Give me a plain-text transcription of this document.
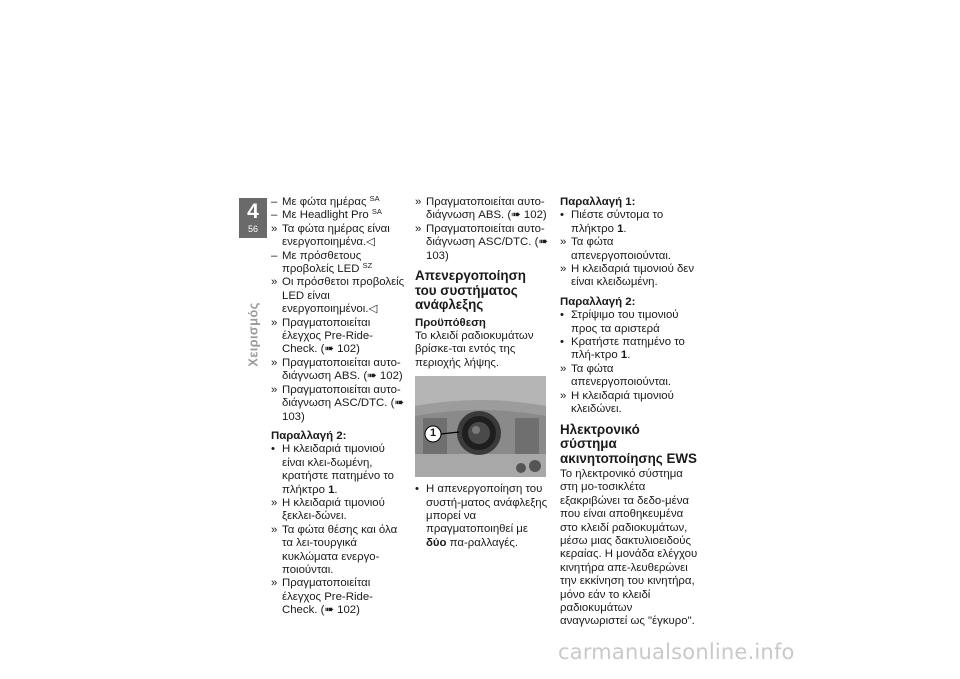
4
56
Χειρισμός
– Με φώτα ημέρας $^{SA}$
– Με Headlight Pro $^{SA}$
» Τα φώτα ημέρας είναι ενεργοποιημένα.◁
– Με πρόσθετους προβολείς LED $^{SZ}$
» Οι πρόσθετοι προβολείς LED είναι ενεργοποιημένοι.◁
» Πραγματοποιείται έλεγχος Pre-Ride-Check. (➠ 102)
» Πραγματοποιείται αυτο-διάγνωση ABS. (➠ 102)
» Πραγματοποιείται αυτο-διάγνωση ASC/DTC. (➠ 103)
Παραλλαγή 2:
• Η κλειδαριά τιμονιού είναι κλει-δωμένη, κρατήστε πατημένο το πλήκτρο 1.
» Η κλειδαριά τιμονιού ξεκλει-δώνει.
» Τα φώτα θέσης και όλα τα λει-τουργικά κυκλώματα ενεργο-ποιούνται.
» Πραγματοποιείται έλεγχος Pre-Ride-Check. (➠ 102)
» Πραγματοποιείται αυτο-διάγνωση ABS. (➠ 102)
» Πραγματοποιείται αυτο-διάγνωση ASC/DTC. (➠ 103)
Απενεργοποίηση του συστήματος ανάφλεξης
Προϋπόθεση
Το κλειδί ραδιοκυμάτων βρίσκε-ται εντός της περιοχής λήψης.
1
• Η απενεργοποίηση του συστή-ματος ανάφλεξης μπορεί να πραγματοποιηθεί με δύο πα-ραλλαγές.
Παραλλαγή 1:
• Πιέστε σύντομα το πλήκτρο 1.
» Τα φώτα απενεργοποιούνται.
» Η κλειδαριά τιμονιού δεν είναι κλειδωμένη.
Παραλλαγή 2:
• Στρίψιμο του τιμονιού προς τα αριστερά
• Κρατήστε πατημένο το πλή-κτρο 1.
» Τα φώτα απενεργοποιούνται.
» Η κλειδαριά τιμονιού κλειδώνει.
Ηλεκτρονικό σύστημα ακινητοποίησης EWS
Το ηλεκτρονικό σύστημα στη μο-τοσικλέτα εξακριβώνει τα δεδο-μένα που είναι αποθηκευμένα στο κλειδί ραδιοκυμάτων, μέσω μιας δακτυλιοειδούς κεραίας. Η μονάδα ελέγχου κινητήρα απε-λευθερώνει την εκκίνηση του κινητήρα, μόνο εάν το κλειδί ραδιοκυμάτων αναγνωριστεί ως "έγκυρο".
carmanualsonline.info
